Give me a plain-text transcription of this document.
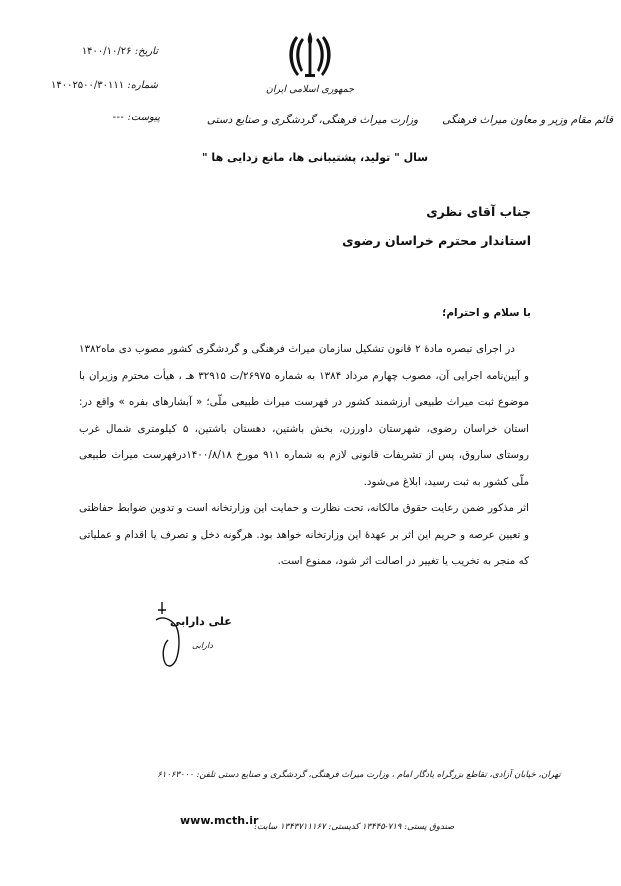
تاریخ: ۱۴۰۰/۱۰/۲۶
شماره: ۱۴۰۰۲۵۰۰/۳۰۱۱۱
پیوست: ---
جمهوری اسلامی ایران
وزارت میراث فرهنگی، گردشگری و صنایع دستی	قائم مقام وزیر و معاون میراث فرهنگی
سال " تولید، پشتیبانی ها، مانع زدایی ها "
جناب آقای نظری
استاندار محترم خراسان رضوی
با سلام و احترام؛

در اجرای تبصره مادهٔ ۲ قانون تشکیل سازمان میراث فرهنگی و گردشگری کشور مصوب دی ماه۱۳۸۲ و آیین‌نامه اجرایی آن، مصوب چهارم مرداد ۱۳۸۴ به شماره ۲۶۹۷۵/ت ۳۲۹۱۵ هـ ، هیأت محترم وزیران با موضوع ثبت میراث طبیعی ارزشمند کشور در فهرست میراث طبیعی ملّی؛ « آبشارهای بفره » واقع در: استان خراسان رضوی، شهرستان داورزن، بخش باشتین، دهستان باشتین، ۵ کیلومتری شمال غرب روستای ساروق، پس از تشریفات قانونی لازم به شماره ۹۱۱ مورخ ۱۴۰۰/۸/۱۸درفهرست میراث طبیعی ملّی کشور به ثبت رسید، ابلاغ می‌شود.

اثر مذکور ضمن رعایت حقوق مالکانه، تحت نظارت و حمایت این وزارتخانه است و تدوین ضوابط حفاظتی و تعیین عرصه و حریم این اثر بر عهدهٔ این وزارتخانه خواهد بود. هرگونه دخل و تصرف یا اقدام و عملیاتی که منجر به تخریب یا تغییر در اصالت اثر شود، ممنوع است.

علی دارابی
دارابی
تهران، خیابان آزادی، تقاطع بزرگراه یادگار امام ، وزارت میراث فرهنگی، گردشگری و صنایع دستی تلفن: ۶۱۰۶۳۰۰۰
صندوق پستی: ۷۱۹-۱۳۴۴۵ کدپستی: ۱۳۴۳۷۱۱۱۶۷ سایت:
www.mcth.ir
